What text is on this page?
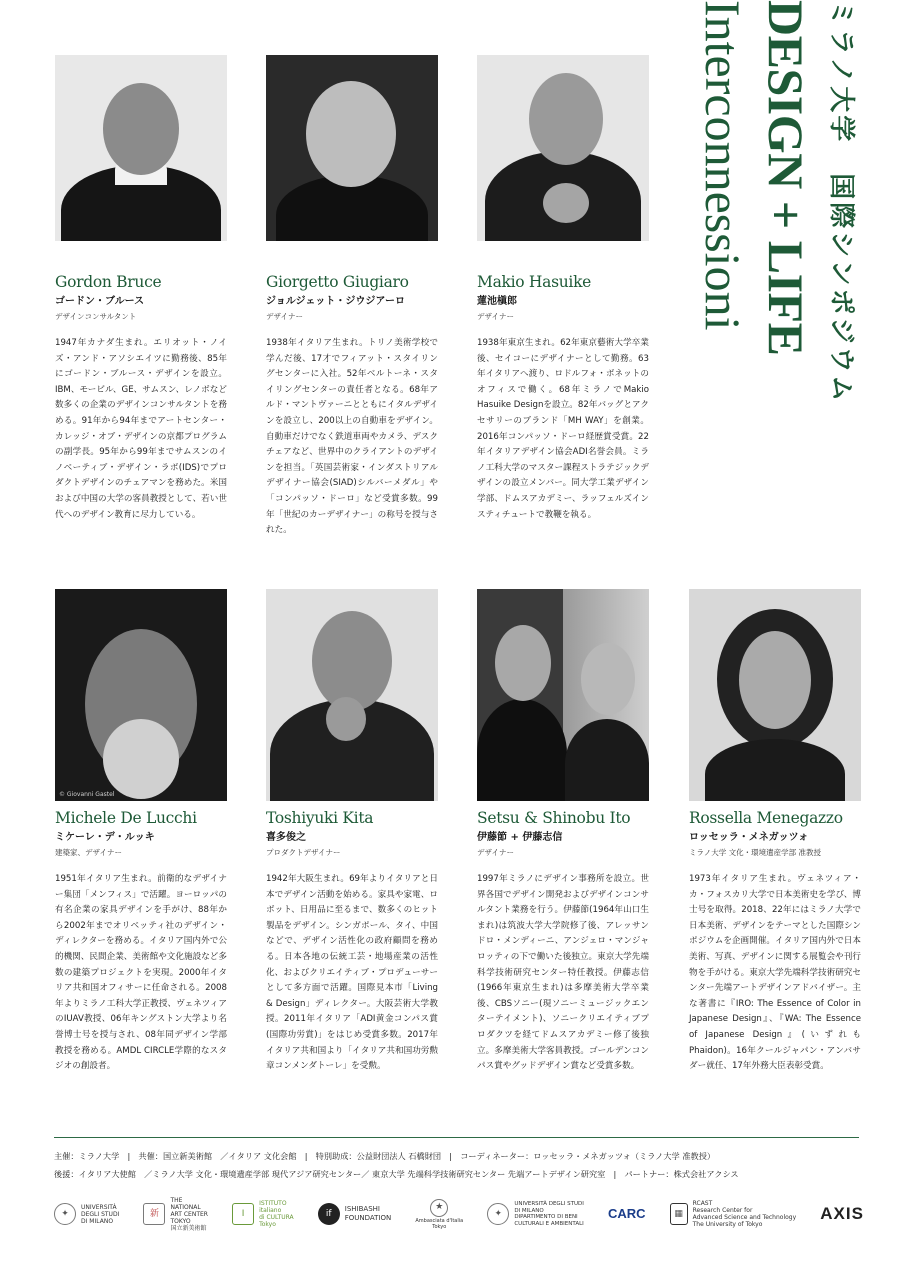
ミラノ大学　国際シンポジウム
DESIGN + LIFE
Interconnessioni
Gordon Bruce
ゴードン・ブルース
デザインコンサルタント
1947年カナダ生まれ。エリオット・ノイズ・アンド・アソシエイツに勤務後、85年にゴードン・ブルース・デザインを設立。IBM、モービル、GE、サムスン、レノボなど数多くの企業のデザインコンサルタントを務める。91年から94年までアートセンター・カレッジ・オブ・デザインの京都プログラムの副学長。95年から99年までサムスンのイノベーティブ・デザイン・ラボ(IDS)でプロダクトデザインのチェアマンを務めた。米国および中国の大学の客員教授として、若い世代へのデザイン教育に尽力している。
Giorgetto Giugiaro
ジョルジェット・ジウジアーロ
デザイナー
1938年イタリア生まれ。トリノ美術学校で学んだ後、17才でフィアット・スタイリングセンターに入社。52年ベルトーネ・スタイリングセンターの責任者となる。68年アルド・マントヴァーニとともにイタルデザインを設立し、200以上の自動車をデザイン。自動車だけでなく鉄道車両やカメラ、デスクチェアなど、世界中のクライアントのデザインを担当。「英国芸術家・インダストリアルデザイナー協会(SIAD)シルバーメダル」や「コンパッソ・ドーロ」など受賞多数。99年「世紀のカーデザイナー」の称号を授与された。
Makio Hasuike
蓮池槇郎
デザイナー
1938年東京生まれ。62年東京藝術大学卒業後、セイコーにデザイナーとして勤務。63年イタリアへ渡り、ロドルフォ・ボネットのオフィスで働く。68年ミラノでMakio Hasuike Designを設立。82年バッグとアクセサリーのブランド「MH WAY」を創業。2016年コンパッソ・ドーロ経歴賞受賞。22年イタリアデザイン協会ADI名誉会員。ミラノ工科大学のマスター課程ストラテジックデザインの設立メンバー。同大学工業デザイン学部、ドムスアカデミー、ラッフェルズインスティチュートで教鞭を執る。
© Giovanni Gastel
Michele De Lucchi
ミケーレ・デ・ルッキ
建築家、デザイナー
1951年イタリア生まれ。前衛的なデザイナー集団「メンフィス」で活躍。ヨーロッパの有名企業の家具デザインを手がけ、88年から2002年までオリベッティ社のデザイン・ディレクターを務める。イタリア国内外で公的機関、民間企業、美術館や文化施設など多数の建築プロジェクトを実現。2000年イタリア共和国オフィサーに任命される。2008年よりミラノ工科大学正教授、ヴェネツィアのIUAV教授、06年キングストン大学より名誉博士号を授与され、08年同デザイン学部教授を務める。AMDL CIRCLE学際的なスタジオの創設者。
Toshiyuki Kita
喜多俊之
プロダクトデザイナー
1942年大阪生まれ。69年よりイタリアと日本でデザイン活動を始める。家具や家電、ロボット、日用品に至るまで、数多くのヒット製品をデザイン。シンガポール、タイ、中国などで、デザイン活性化の政府顧問を務める。日本各地の伝統工芸・地場産業の活性化、およびクリエイティブ・プロデューサーとして多方面で活躍。国際見本市「Living & Design」ディレクター。大阪芸術大学教授。2011年イタリア「ADI黄金コンパス賞(国際功労賞)」をはじめ受賞多数。2017年イタリア共和国より「イタリア共和国功労勲章コンメンダトーレ」を受勲。
Setsu & Shinobu Ito
伊藤節 + 伊藤志信
デザイナー
1997年ミラノにデザイン事務所を設立。世界各国でデザイン開発およびデザインコンサルタント業務を行う。伊藤節(1964年山口生まれ)は筑波大学大学院修了後、アレッサンドロ・メンディーニ、アンジェロ・マンジャロッティの下で働いた後独立。東京大学先端科学技術研究センター特任教授。伊藤志信(1966年東京生まれ)は多摩美術大学卒業後、CBSソニー(現ソニーミュージックエンターテイメント)、ソニークリエイティブプロダクツを経てドムスアカデミー修了後独立。多摩美術大学客員教授。ゴールデンコンパス賞やグッドデザイン賞など受賞多数。
Rossella Menegazzo
ロッセッラ・メネガッツォ
ミラノ大学 文化・環境遺産学部 准教授
1973年イタリア生まれ。ヴェネツィア・カ・フォスカリ大学で日本美術史を学び、博士号を取得。2018、22年にはミラノ大学で日本美術、デザインをテーマとした国際シンポジウムを企画開催。イタリア国内外で日本美術、写真、デザインに関する展覧会や刊行物を手がける。東京大学先端科学技術研究センター先端アートデザインアドバイザー。主な著書に『IRO: The Essence of Color in Japanese Design』、『WA: The Essence of Japanese Design』(いずれもPhaidon)。16年クールジャパン・アンバサダー就任、17年外務大臣表彰受賞。
主催：ミラノ大学　|　共催：国立新美術館　／イタリア 文化会館　|　特別助成：公益財団法人 石橋財団　|　コーディネーター：ロッセッラ・メネガッツォ（ミラノ大学 准教授）
後援：イタリア大使館　／ミラノ大学 文化・環境遺産学部 現代アジア研究センター／ 東京大学 先端科学技術研究センター 先端アートデザイン研究室　|　パートナー：株式会社アクシス
✦
UNIVERSITÀ
DEGLI STUDI
DI MILANO
新
THE
NATIONAL
ART CENTER
TOKYO
国立新美術館
I
ISTITUTO
italiano
di CULTURA
Tokyo
if	ISHIBASHI
FOUNDATION
★
Ambasciata d'Italia
Tokyo
✦
UNIVERSITÀ DEGLI STUDI
DI MILANO
DIPARTIMENTO DI BENI
CULTURALI E AMBIENTALI
CARC	▦
RCAST
Research Center for
Advanced Science and Technology
The University of Tokyo
AXIS
